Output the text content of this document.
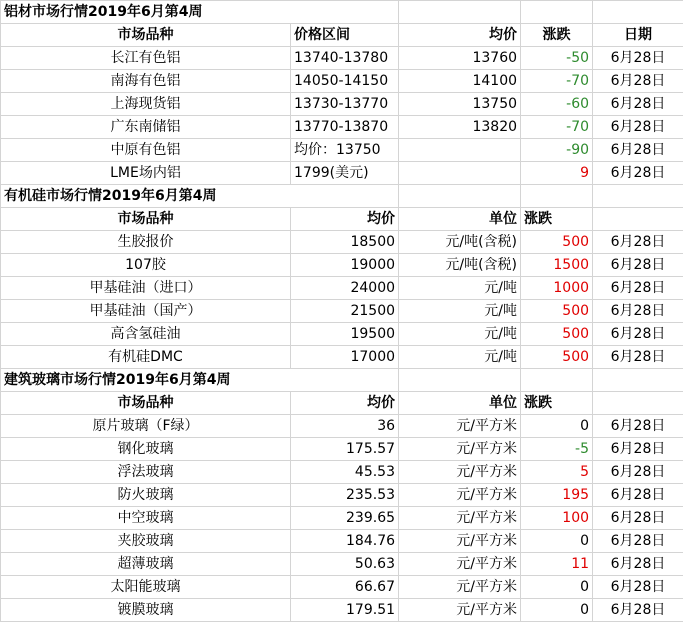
铝材市场行情2019年6月第4周				
市场品种	价格区间	均价	涨跌	日期
长江有色铝	13740-13780	13760	-50	6月28日
南海有色铝	14050-14150	14100	-70	6月28日
上海现货铝	13730-13770	13750	-60	6月28日
广东南储铝	13770-13870	13820	-70	6月28日
中原有色铝	均价：13750		-90	6月28日
LME场内铝	1799(美元)		9	6月28日
有机硅市场行情2019年6月第4周				
市场品种	均价	单位	涨跌	
生胶报价	18500	元/吨(含税)	500	6月28日
107胶	19000	元/吨(含税)	1500	6月28日
甲基硅油（进口）	24000	元/吨	1000	6月28日
甲基硅油（国产）	21500	元/吨	500	6月28日
高含氢硅油	19500	元/吨	500	6月28日
有机硅DMC	17000	元/吨	500	6月28日
建筑玻璃市场行情2019年6月第4周				
市场品种	均价	单位	涨跌	
原片玻璃（F绿）	36	元/平方米	0	6月28日
钢化玻璃	175.57	元/平方米	-5	6月28日
浮法玻璃	45.53	元/平方米	5	6月28日
防火玻璃	235.53	元/平方米	195	6月28日
中空玻璃	239.65	元/平方米	100	6月28日
夹胶玻璃	184.76	元/平方米	0	6月28日
超薄玻璃	50.63	元/平方米	11	6月28日
太阳能玻璃	66.67	元/平方米	0	6月28日
镀膜玻璃	179.51	元/平方米	0	6月28日
